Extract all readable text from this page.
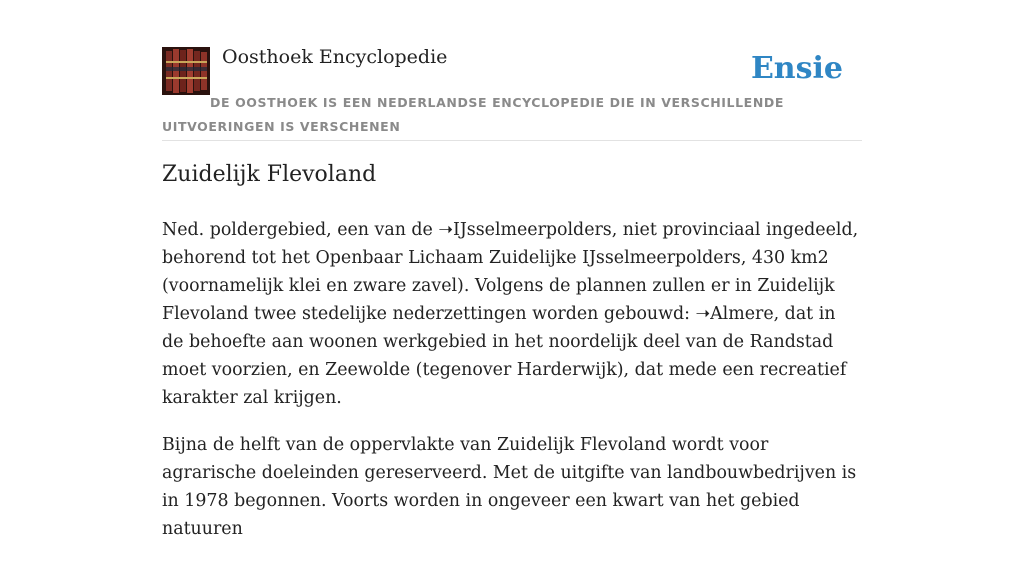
Oosthoek Encyclopedie	Ensie
DE OOSTHOEK IS EEN NEDERLANDSE ENCYCLOPEDIE DIE IN VERSCHILLENDE UITVOERINGEN IS VERSCHENEN
Zuidelijk Flevoland

Ned. poldergebied, een van de ➝IJsselmeerpolders, niet provinciaal ingedeeld, behorend tot het Openbaar Lichaam Zuidelijke IJsselmeerpolders, 430 km2 (voornamelijk klei en zware zavel). Volgens de plannen zullen er in Zuidelijk Flevoland twee stedelijke nederzettingen worden gebouwd: ➝Almere, dat in de behoefte aan woonen werkgebied in het noordelijk deel van de Randstad moet voorzien, en Zeewolde (tegenover Harderwijk), dat mede een recreatief karakter zal krijgen.

Bijna de helft van de oppervlakte van Zuidelijk Flevoland wordt voor agrarische doeleinden gereserveerd. Met de uitgifte van landbouwbedrijven is in 1978 begonnen. Voorts worden in ongeveer een kwart van het gebied natuuren
